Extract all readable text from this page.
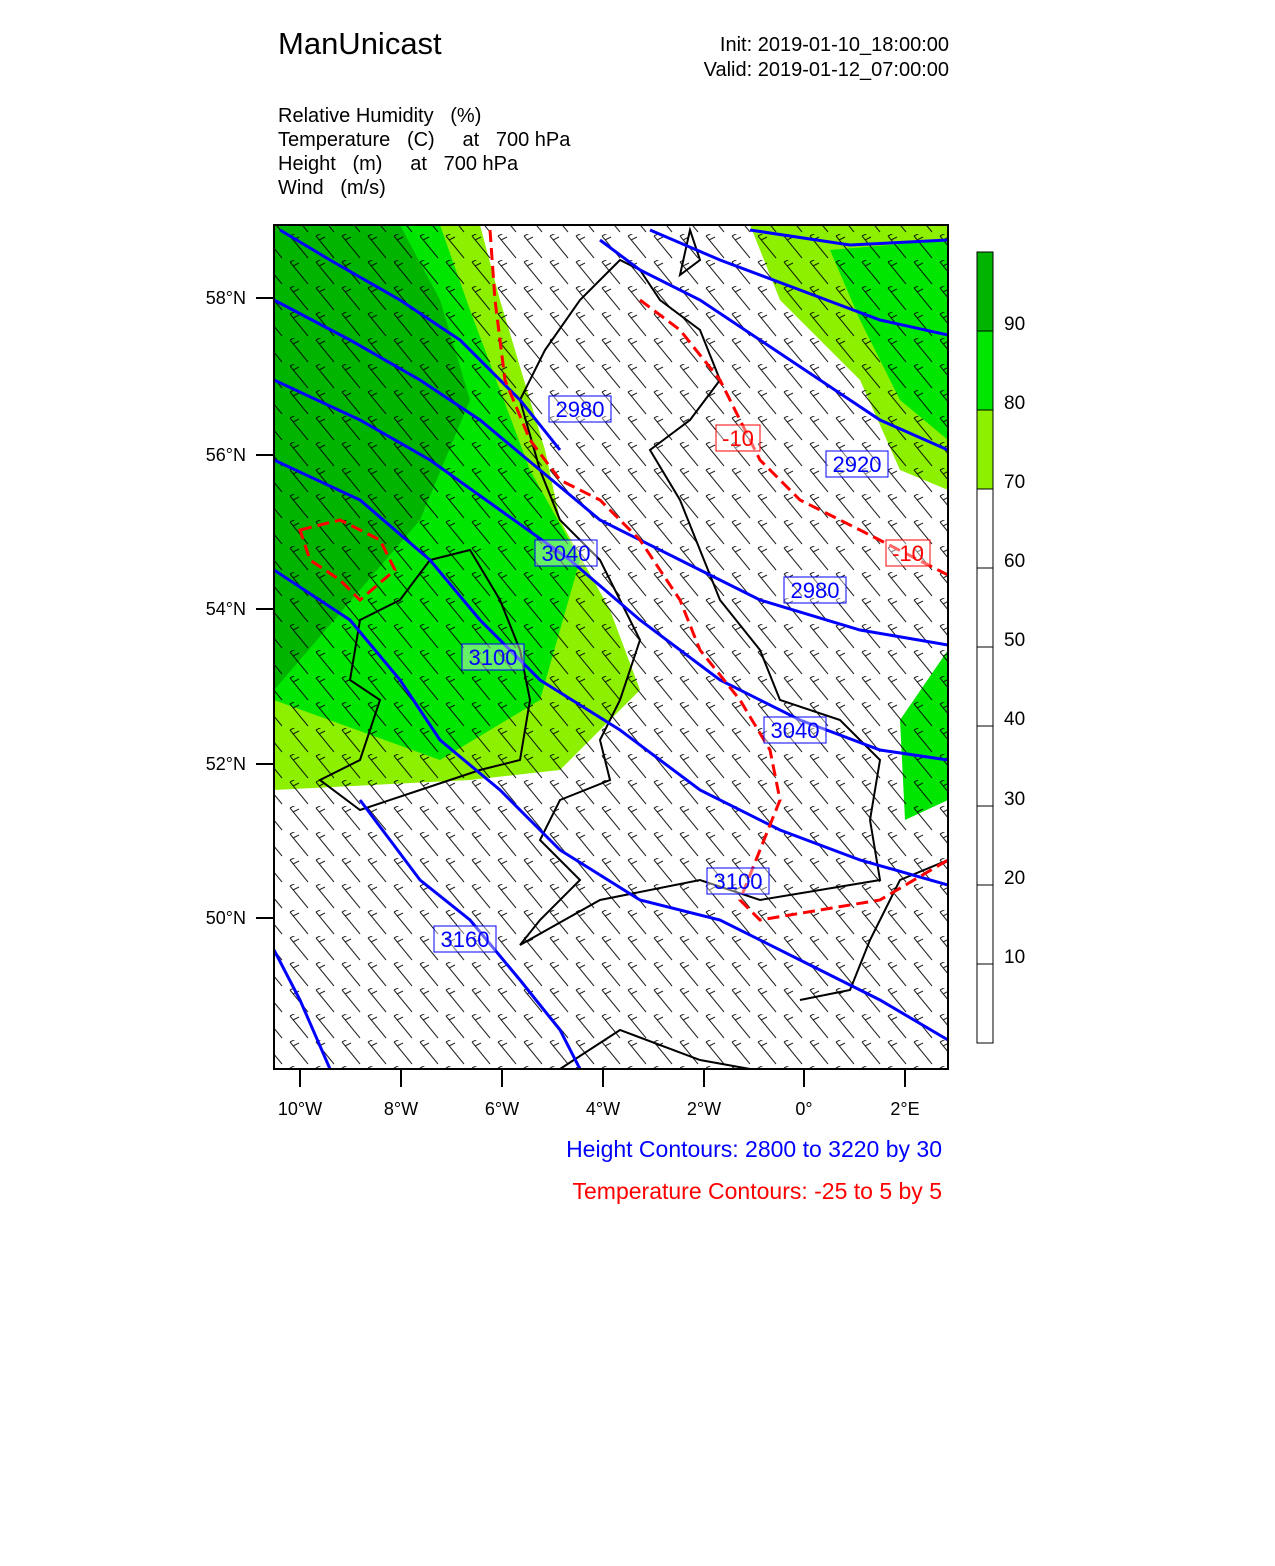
ManUnicast	Init: 2019-01-10_18:00:00
Valid: 2019-01-12_07:00:00
Relative Humidity   (%)
Temperature   (C)     at   700 hPa
Height   (m)     at   700 hPa
Wind   (m/s)
58°N
56°N
54°N
52°N
50°N
10°W	8°W	6°W	4°W	2°W	0°	2°E
2980
2920
3040
2980
3100
3040
3100
3160
-10
-10
90
80
70
60
50
40
30
20
10
Height Contours: 2800 to 3220 by 30
Temperature Contours: -25 to 5 by 5
